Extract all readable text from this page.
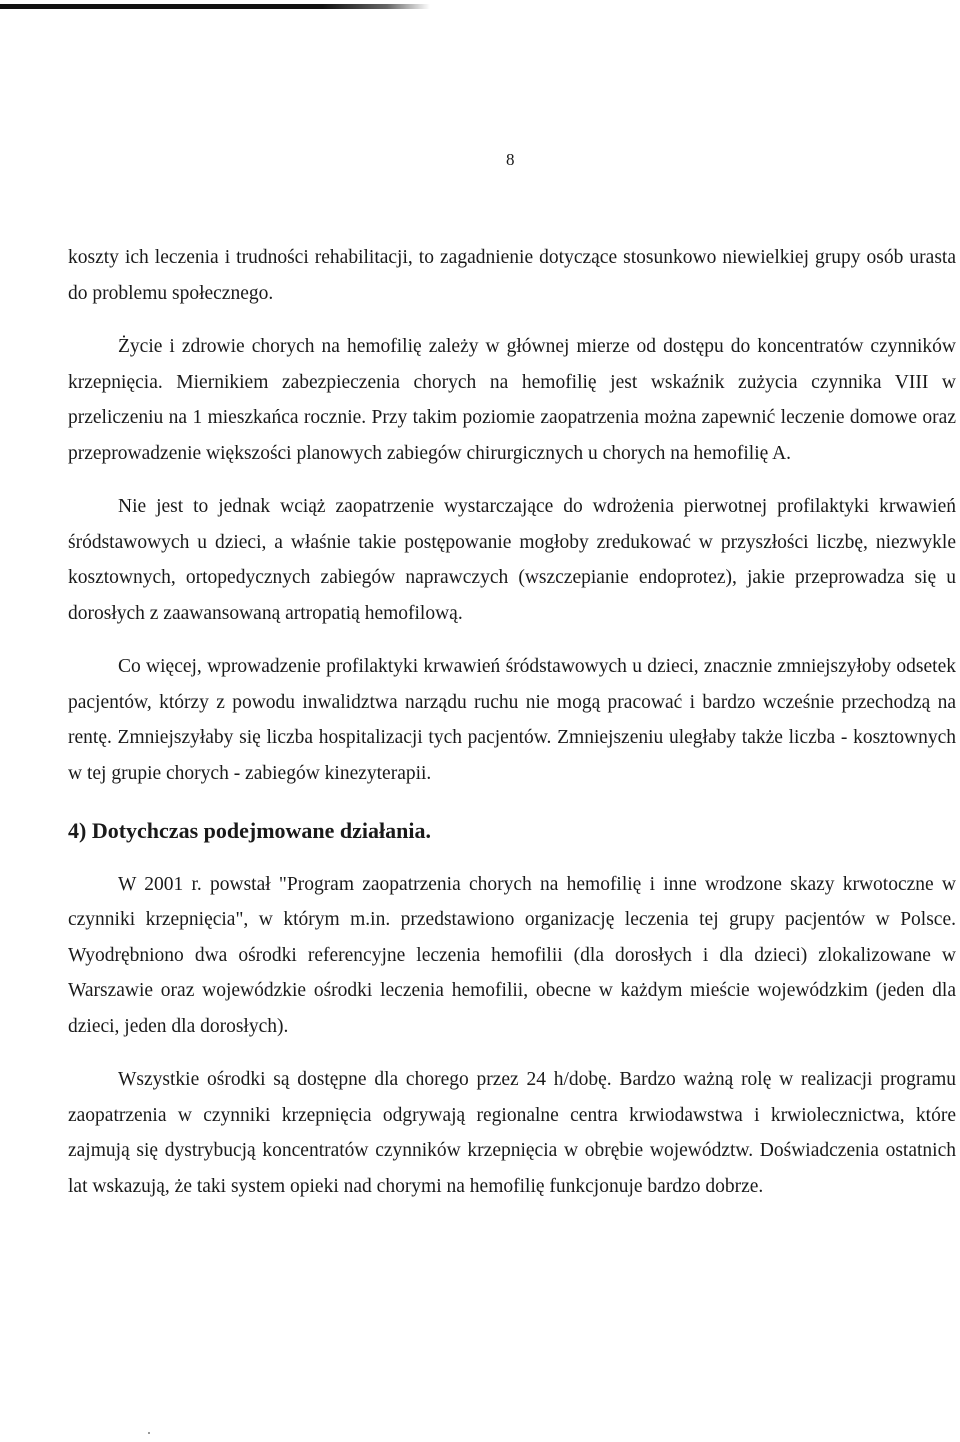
8

koszty ich leczenia i trudności rehabilitacji, to zagadnienie dotyczące stosunkowo niewielkiej grupy osób urasta do problemu społecznego.

Życie i zdrowie chorych na hemofilię zależy w głównej mierze od dostępu do koncentratów czynników krzepnięcia. Miernikiem zabezpieczenia chorych na hemofilię jest wskaźnik zużycia czynnika VIII w przeliczeniu na 1 mieszkańca rocznie. Przy takim poziomie zaopatrzenia można zapewnić leczenie domowe oraz przeprowadzenie większości planowych zabiegów chirurgicznych u chorych na hemofilię A.

Nie jest to jednak wciąż zaopatrzenie wystarczające do wdrożenia pierwotnej profilaktyki krwawień śródstawowych u dzieci, a właśnie takie postępowanie mogłoby zredukować w przyszłości liczbę, niezwykle kosztownych, ortopedycznych zabiegów naprawczych (wszczepianie endoprotez), jakie przeprowadza się u dorosłych z zaawansowaną artropatią hemofilową.

Co więcej, wprowadzenie profilaktyki krwawień śródstawowych u dzieci, znacznie zmniejszyłoby odsetek pacjentów, którzy z powodu inwalidztwa narządu ruchu nie mogą pracować i bardzo wcześnie przechodzą na rentę. Zmniejszyłaby się liczba hospitalizacji tych pacjentów. Zmniejszeniu uległaby także liczba - kosztownych w tej grupie chorych - zabiegów kinezyterapii.

4) Dotychczas podejmowane działania.

W 2001 r. powstał "Program zaopatrzenia chorych na hemofilię i inne wrodzone skazy krwotoczne w czynniki krzepnięcia", w którym m.in. przedstawiono organizację leczenia tej grupy pacjentów w Polsce. Wyodrębniono dwa ośrodki referencyjne leczenia hemofilii (dla dorosłych i dla dzieci) zlokalizowane w Warszawie oraz wojewódzkie ośrodki leczenia hemofilii, obecne w każdym mieście wojewódzkim (jeden dla dzieci, jeden dla dorosłych).

Wszystkie ośrodki są dostępne dla chorego przez 24 h/dobę. Bardzo ważną rolę w realizacji programu zaopatrzenia w czynniki krzepnięcia odgrywają regionalne centra krwiodawstwa i krwiolecznictwa, które zajmują się dystrybucją koncentratów czynników krzepnięcia w obrębie województw. Doświadczenia ostatnich lat wskazują, że taki system opieki nad chorymi na hemofilię funkcjonuje bardzo dobrze.
